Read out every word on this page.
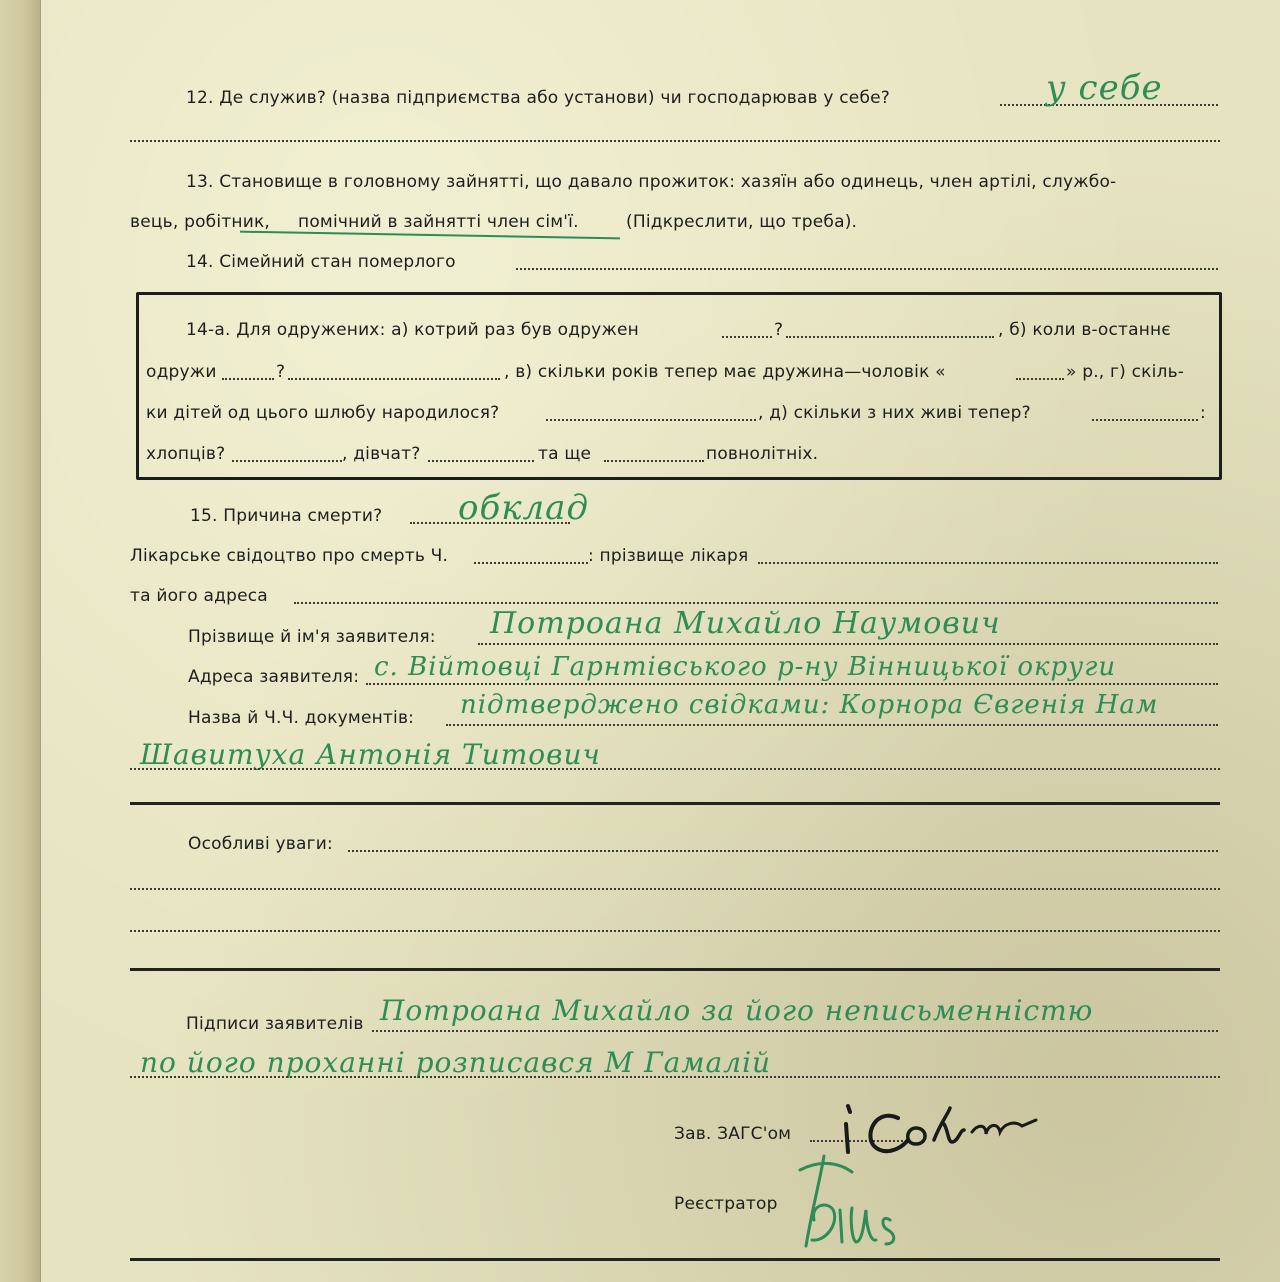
12. Де служив? (назва підприємства або установи) чи господарював у себе?	у себе
13. Становище в головному зайнятті, що давало прожиток: хазяїн або одинець, член артілі, службо-
вець, робітник, помічний в зайнятті член сім'ї.	(Підкреслити, що треба).
14. Сімейний стан померлого
14-а. Для одружених: а) котрий раз був одружен	?	, б) коли в-останнє
одружи	?	, в) скільки років тепер має дружина—чоловік «	» р., г) скіль-
ки дітей од цього шлюбу народилося?	, д) скільки з них живі тепер?	:
хлопців?	, дівчат?	та ще	повнолітніх.
15. Причина смерти? обклад
Лікарське свідоцтво про смерть Ч.	: прізвище лікаря
та його адреса
Прізвище й ім'я заявителя: Потроана Михайло Наумович
Адреса заявителя: с. Війтовці Гарнтівського р-ну Вінницької округи
Назва й Ч.Ч. документів: підтверджено свідками: Корнора Євгенія Нам
Шавитуха Антонія Титович
Особливі уваги:
Підписи заявителів Потроана Михайло за його неписьменністю
по його проханні розписався М Гамалій
Зав. ЗАГС'ом
Реєстратор
